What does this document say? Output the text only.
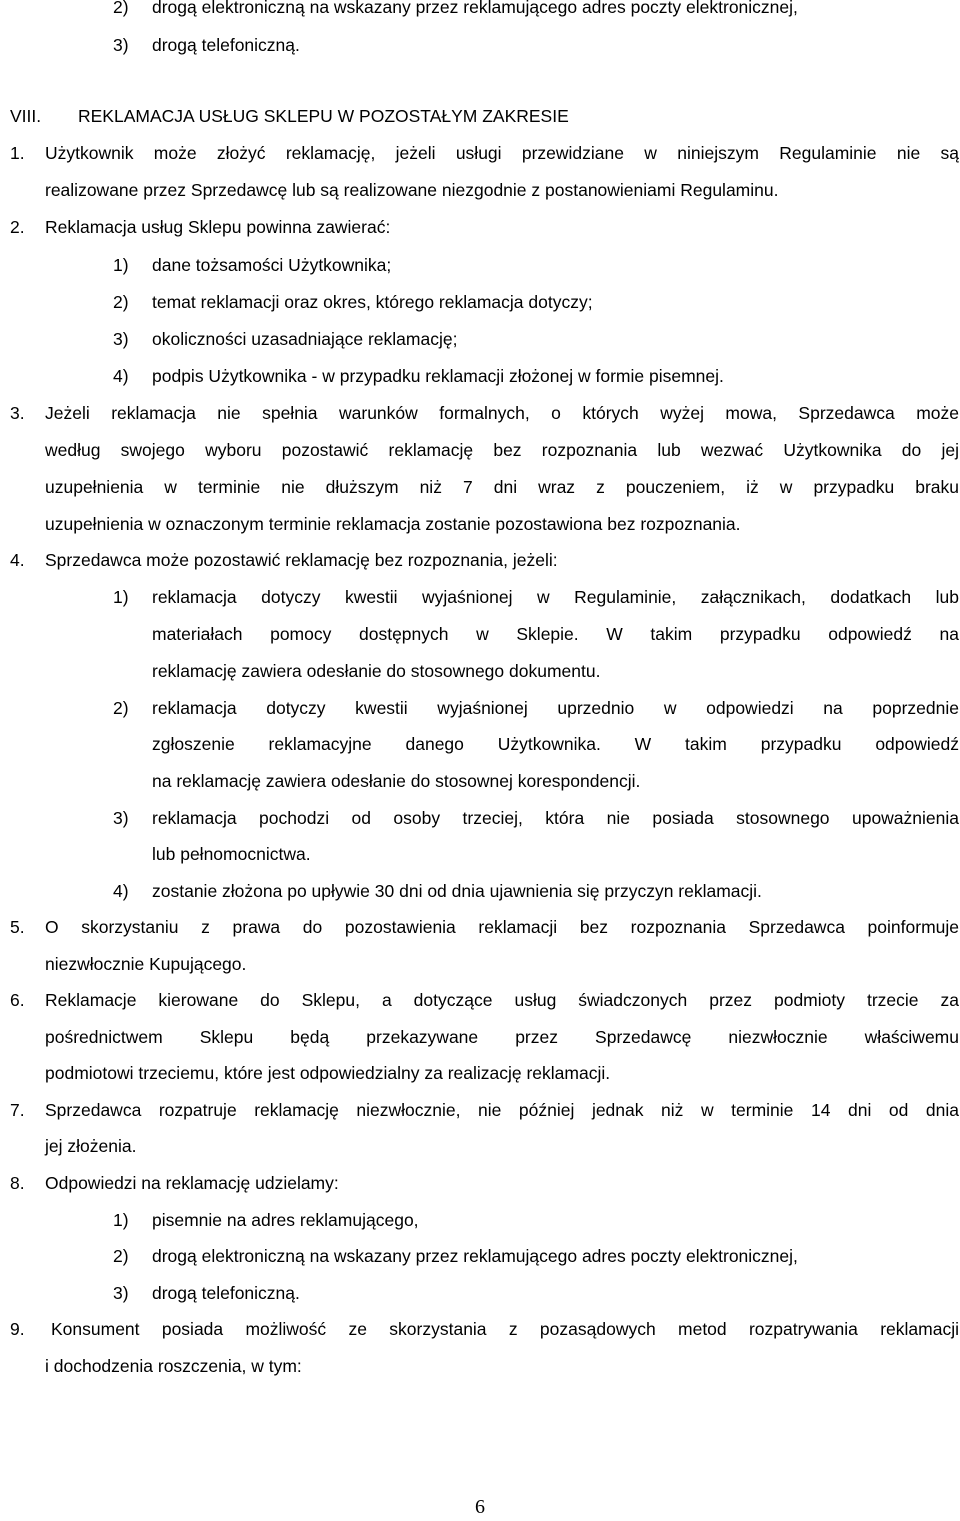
2) drogą elektroniczną na wskazany przez reklamującego adres poczty elektronicznej,
3) drogą telefoniczną.
VIII. REKLAMACJA USŁUG SKLEPU W POZOSTAŁYM ZAKRESIE
1. Użytkownik może złożyć reklamację, jeżeli usługi przewidziane w niniejszym Regulaminie nie są
realizowane przez Sprzedawcę lub są realizowane niezgodnie z postanowieniami Regulaminu.
2. Reklamacja usług Sklepu powinna zawierać:
1) dane tożsamości Użytkownika;
2) temat reklamacji oraz okres, którego reklamacja dotyczy;
3) okoliczności uzasadniające reklamację;
4) podpis Użytkownika - w przypadku reklamacji złożonej w formie pisemnej.
3. Jeżeli reklamacja nie spełnia warunków formalnych, o których wyżej mowa, Sprzedawca może
według swojego wyboru pozostawić reklamację bez rozpoznania lub wezwać Użytkownika do jej
uzupełnienia w terminie nie dłuższym niż 7 dni wraz z pouczeniem, iż w przypadku braku
uzupełnienia w oznaczonym terminie reklamacja zostanie pozostawiona bez rozpoznania.
4. Sprzedawca może pozostawić reklamację bez rozpoznania, jeżeli:
1) reklamacja dotyczy kwestii wyjaśnionej w Regulaminie, załącznikach, dodatkach lub
materiałach pomocy dostępnych w Sklepie. W takim przypadku odpowiedź na
reklamację zawiera odesłanie do stosownego dokumentu.
2) reklamacja dotyczy kwestii wyjaśnionej uprzednio w odpowiedzi na poprzednie
zgłoszenie reklamacyjne danego Użytkownika. W takim przypadku odpowiedź
na reklamację zawiera odesłanie do stosownej korespondencji.
3) reklamacja pochodzi od osoby trzeciej, która nie posiada stosownego upoważnienia
lub pełnomocnictwa.
4) zostanie złożona po upływie 30 dni od dnia ujawnienia się przyczyn reklamacji.
5. O skorzystaniu z prawa do pozostawienia reklamacji bez rozpoznania Sprzedawca poinformuje
niezwłocznie Kupującego.
6. Reklamacje kierowane do Sklepu, a dotyczące usług świadczonych przez podmioty trzecie za
pośrednictwem Sklepu będą przekazywane przez Sprzedawcę niezwłocznie właściwemu
podmiotowi trzeciemu, które jest odpowiedzialny za realizację reklamacji.
7. Sprzedawca rozpatruje reklamację niezwłocznie, nie później jednak niż w terminie 14 dni od dnia
jej złożenia.
8. Odpowiedzi na reklamację udzielamy:
1) pisemnie na adres reklamującego,
2) drogą elektroniczną na wskazany przez reklamującego adres poczty elektronicznej,
3) drogą telefoniczną.
9. Konsument posiada możliwość ze skorzystania z pozasądowych metod rozpatrywania reklamacji
i dochodzenia roszczenia, w tym:
6
